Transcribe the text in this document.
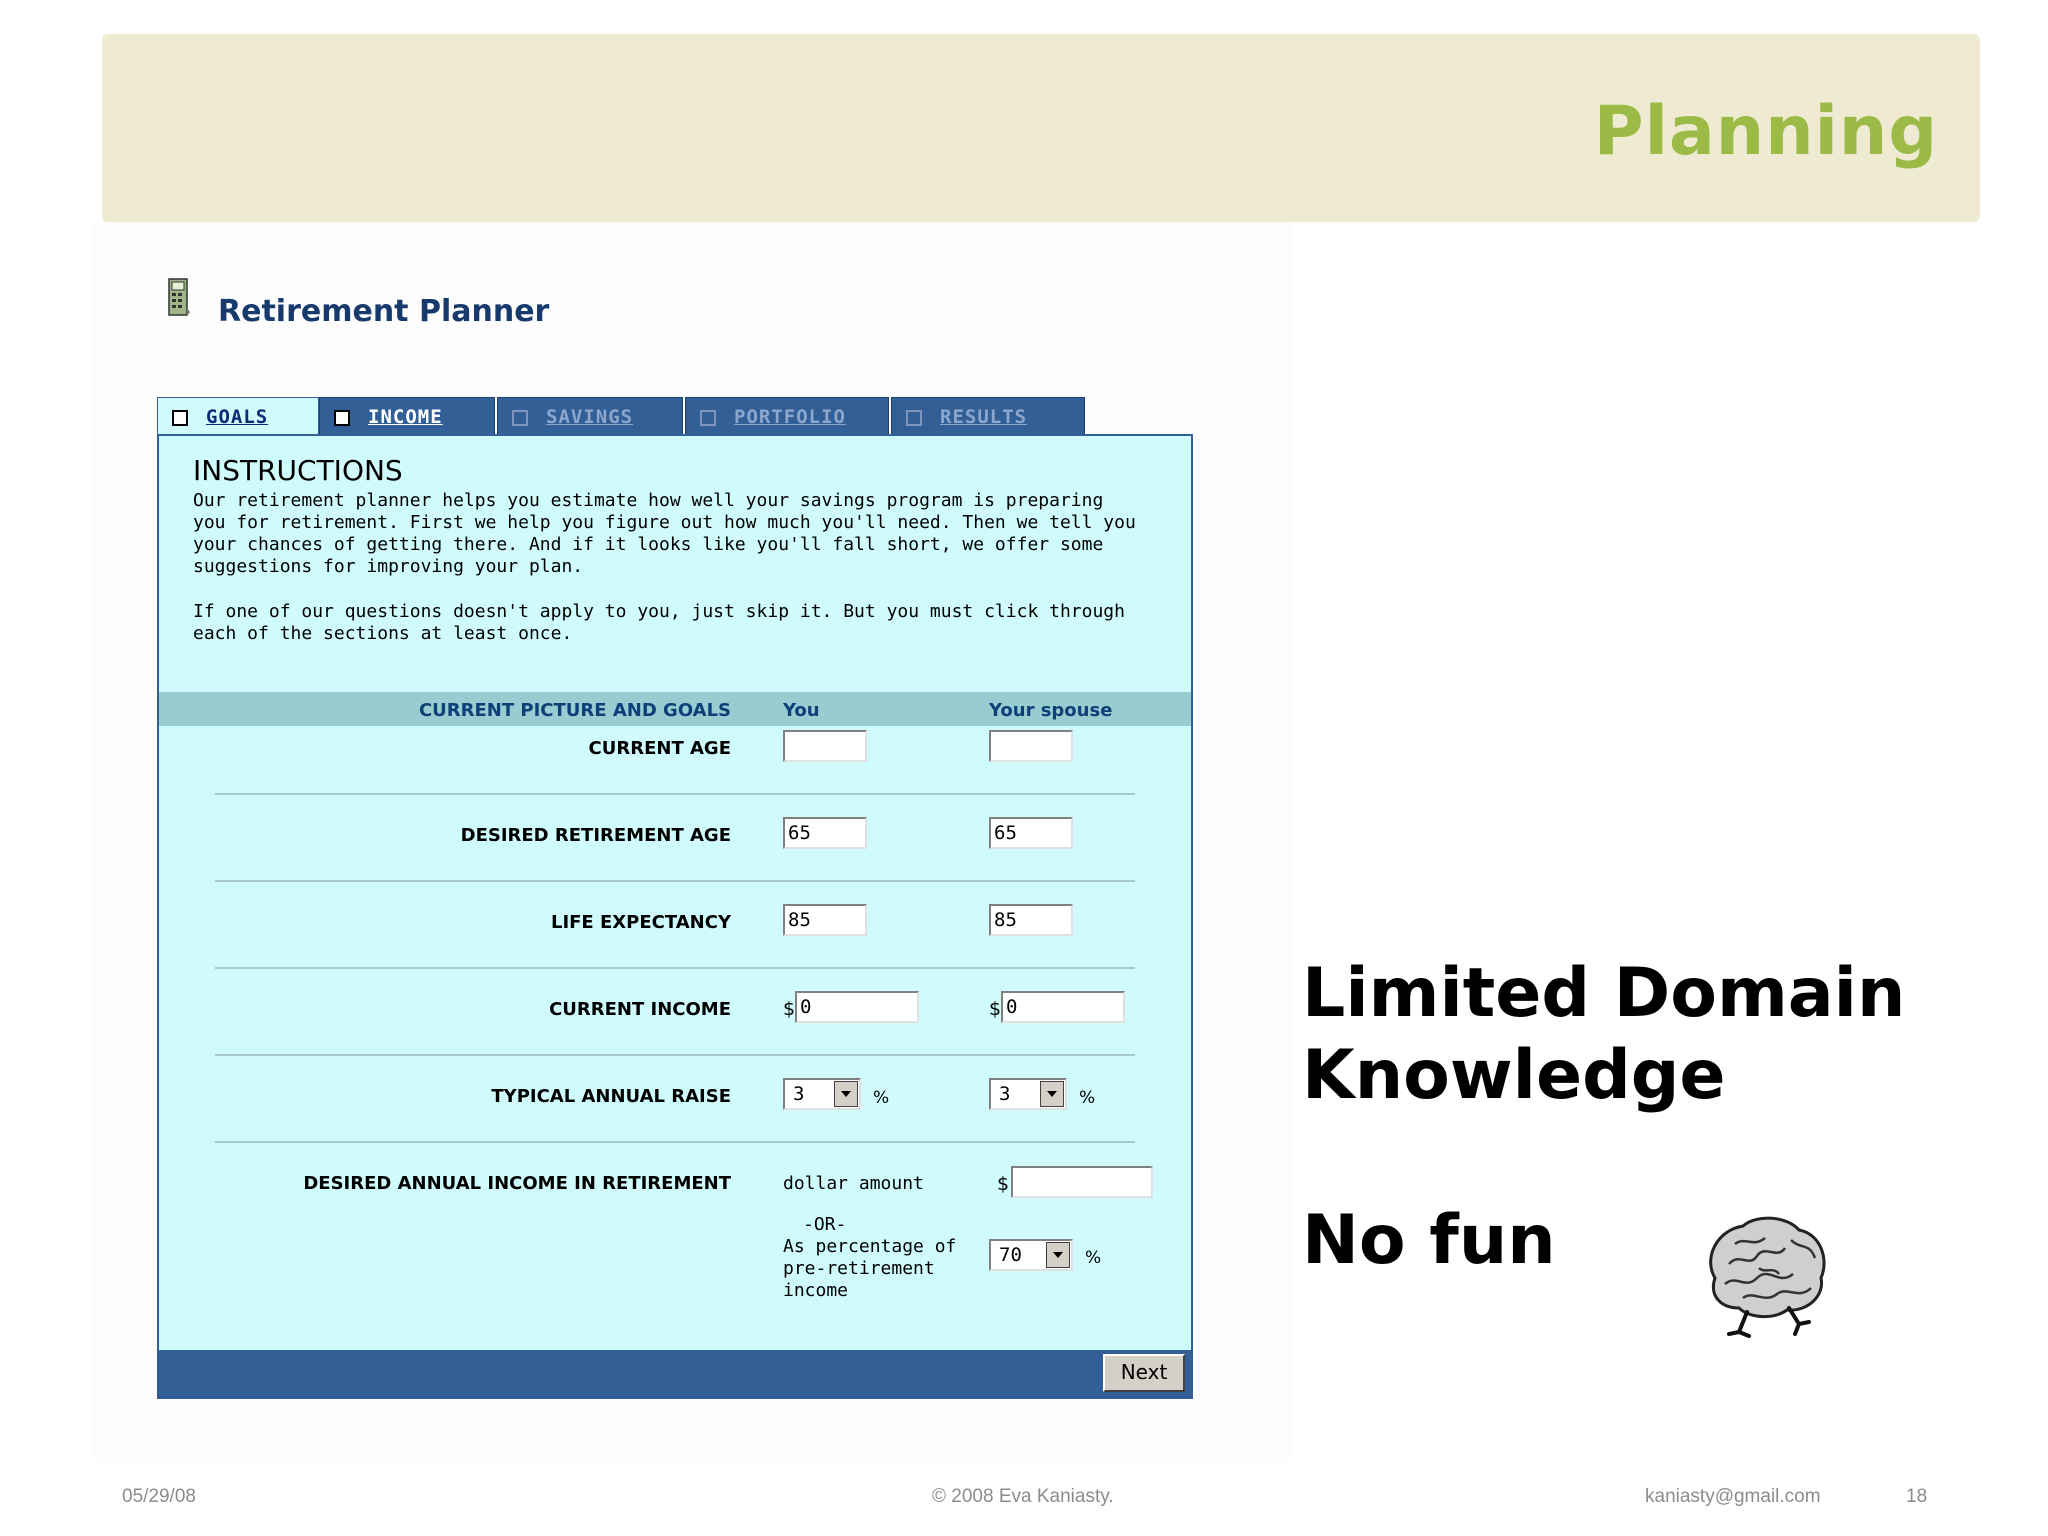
Planning
Retirement Planner
GOALS	INCOME	SAVINGS	PORTFOLIO	RESULTS
INSTRUCTIONS
Our retirement planner helps you estimate how well your savings program is preparing you for retirement. First we help you figure out how much you'll need. Then we tell you your chances of getting there. And if it looks like you'll fall short, we offer some suggestions for improving your plan.
If one of our questions doesn't apply to you, just skip it. But you must click through each of the sections at least once.
CURRENT PICTURE AND GOALS	You	Your spouse
CURRENT AGE
DESIRED RETIREMENT AGE	65	65
LIFE EXPECTANCY	85	85
CURRENT INCOME	$ 0	$ 0
TYPICAL ANNUAL RAISE	3	%	3	%
DESIRED ANNUAL INCOME IN RETIREMENT	dollar amount	$
-OR-
As percentage of
pre-retirement
income
70	%
Next
Limited Domain
Knowledge
No fun
05/29/08	© 2008 Eva Kaniasty.	kaniasty@gmail.com	18
